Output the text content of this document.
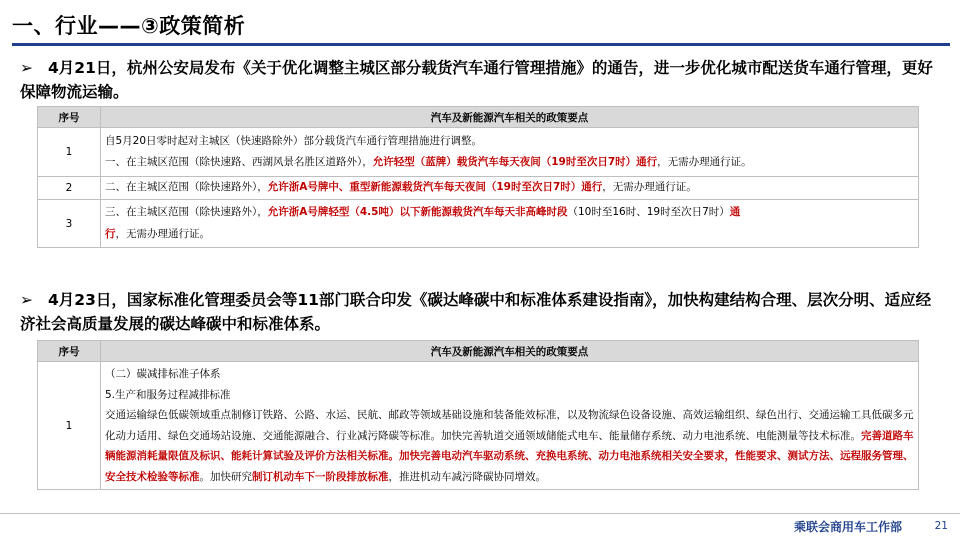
一、行业——③政策简析
➢ 4月21日，杭州公安局发布《关于优化调整主城区部分载货汽车通行管理措施》的通告，进一步优化城市配送货车通行管理，更好保障物流运输。
序号	汽车及新能源汽车相关的政策要点
1	自5月20日零时起对主城区（快速路除外）部分载货汽车通行管理措施进行调整。
一、在主城区范围（除快速路、西湖风景名胜区道路外），允许轻型（蓝牌）载货汽车每天夜间（19时至次日7时）通行，无需办理通行证。

2	二、在主城区范围（除快速路外），允许浙A号牌中、重型新能源载货汽车每天夜间（19时至次日7时）通行，无需办理通行证。

3	三、在主城区范围（除快速路外），允许浙A号牌轻型（4.5吨）以下新能源载货汽车每天非高峰时段（10时至16时、19时至次日7时）通
行，无需办理通行证。
➢ 4月23日，国家标准化管理委员会等11部门联合印发《碳达峰碳中和标准体系建设指南》，加快构建结构合理、层次分明、适应经济社会高质量发展的碳达峰碳中和标准体系。
序号	汽车及新能源汽车相关的政策要点
1	（二）碳减排标准子体系
5.生产和服务过程减排标准
交通运输绿色低碳领域重点制修订铁路、公路、水运、民航、邮政等领域基础设施和装备能效标准，以及物流绿色设备设施、高效运输组织、绿色出行、交通运输工具低碳多元化动力适用、绿色交通场站设施、交通能源融合、行业减污降碳等标准。加快完善轨道交通领域储能式电车、能量储存系统、动力电池系统、电能测量等技术标准。完善道路车辆能源消耗量限值及标识、能耗计算试验及评价方法相关标准。加快完善电动汽车驱动系统、充换电系统、动力电池系统相关安全要求，性能要求、测试方法、远程服务管理、安全技术检验等标准。加快研究制订机动车下一阶段排放标准，推进机动车减污降碳协同增效。
乘联会商用车工作部	21
